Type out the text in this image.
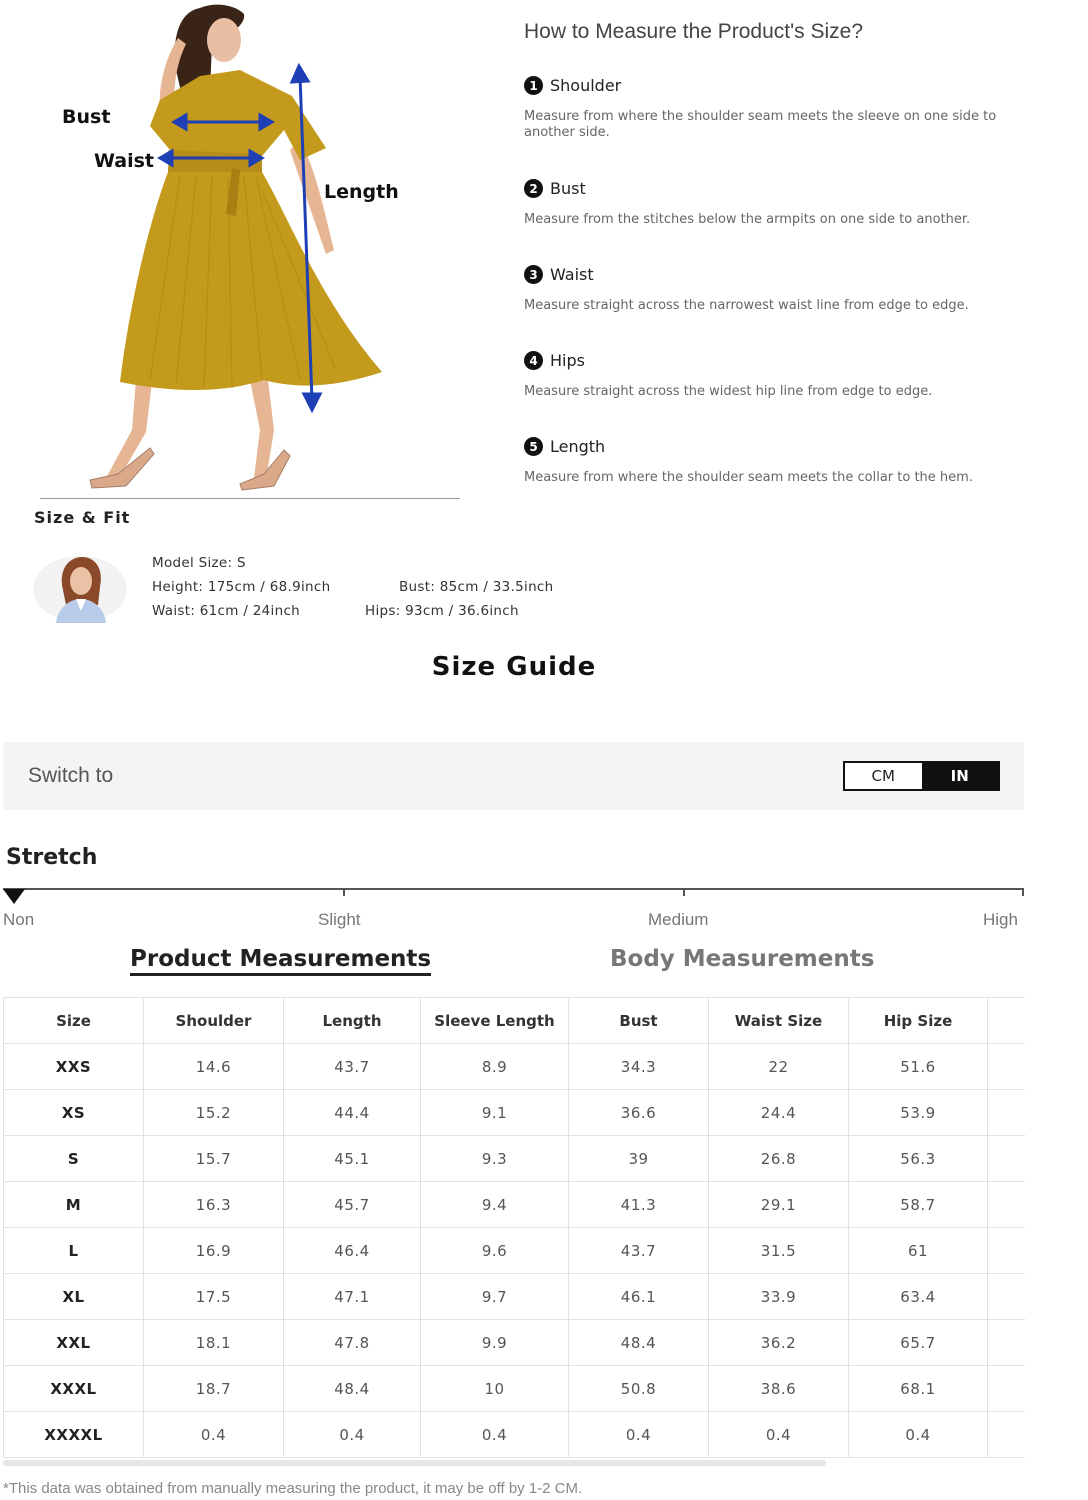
Bust
Waist
Length
How to Measure the Product's Size?
1 Shoulder
Measure from where the shoulder seam meets the sleeve on one side to another side.
2 Bust
Measure from the stitches below the armpits on one side to another.
3 Waist
Measure straight across the narrowest waist line from edge to edge.
4 Hips
Measure straight across the widest hip line from edge to edge.
5 Length
Measure from where the shoulder seam meets the collar to the hem.
Size & Fit
Model Size: S
Height: 175cm / 68.9inch	Bust: 85cm / 33.5inch
Waist: 61cm / 24inch	Hips: 93cm / 36.6inch
Size Guide
Switch to	CM	IN
Stretch
Non	Slight	Medium	High
Product Measurements	Body Measurements
Size	Shoulder	Length	Sleeve Length	Bust	Waist Size	Hip Size	
XXS	14.6	43.7	8.9	34.3	22	51.6	
XS	15.2	44.4	9.1	36.6	24.4	53.9	
S	15.7	45.1	9.3	39	26.8	56.3	
M	16.3	45.7	9.4	41.3	29.1	58.7	
L	16.9	46.4	9.6	43.7	31.5	61	
XL	17.5	47.1	9.7	46.1	33.9	63.4	
XXL	18.1	47.8	9.9	48.4	36.2	65.7	
XXXL	18.7	48.4	10	50.8	38.6	68.1	
XXXXL	0.4	0.4	0.4	0.4	0.4	0.4	
*This data was obtained from manually measuring the product, it may be off by 1-2 CM.
